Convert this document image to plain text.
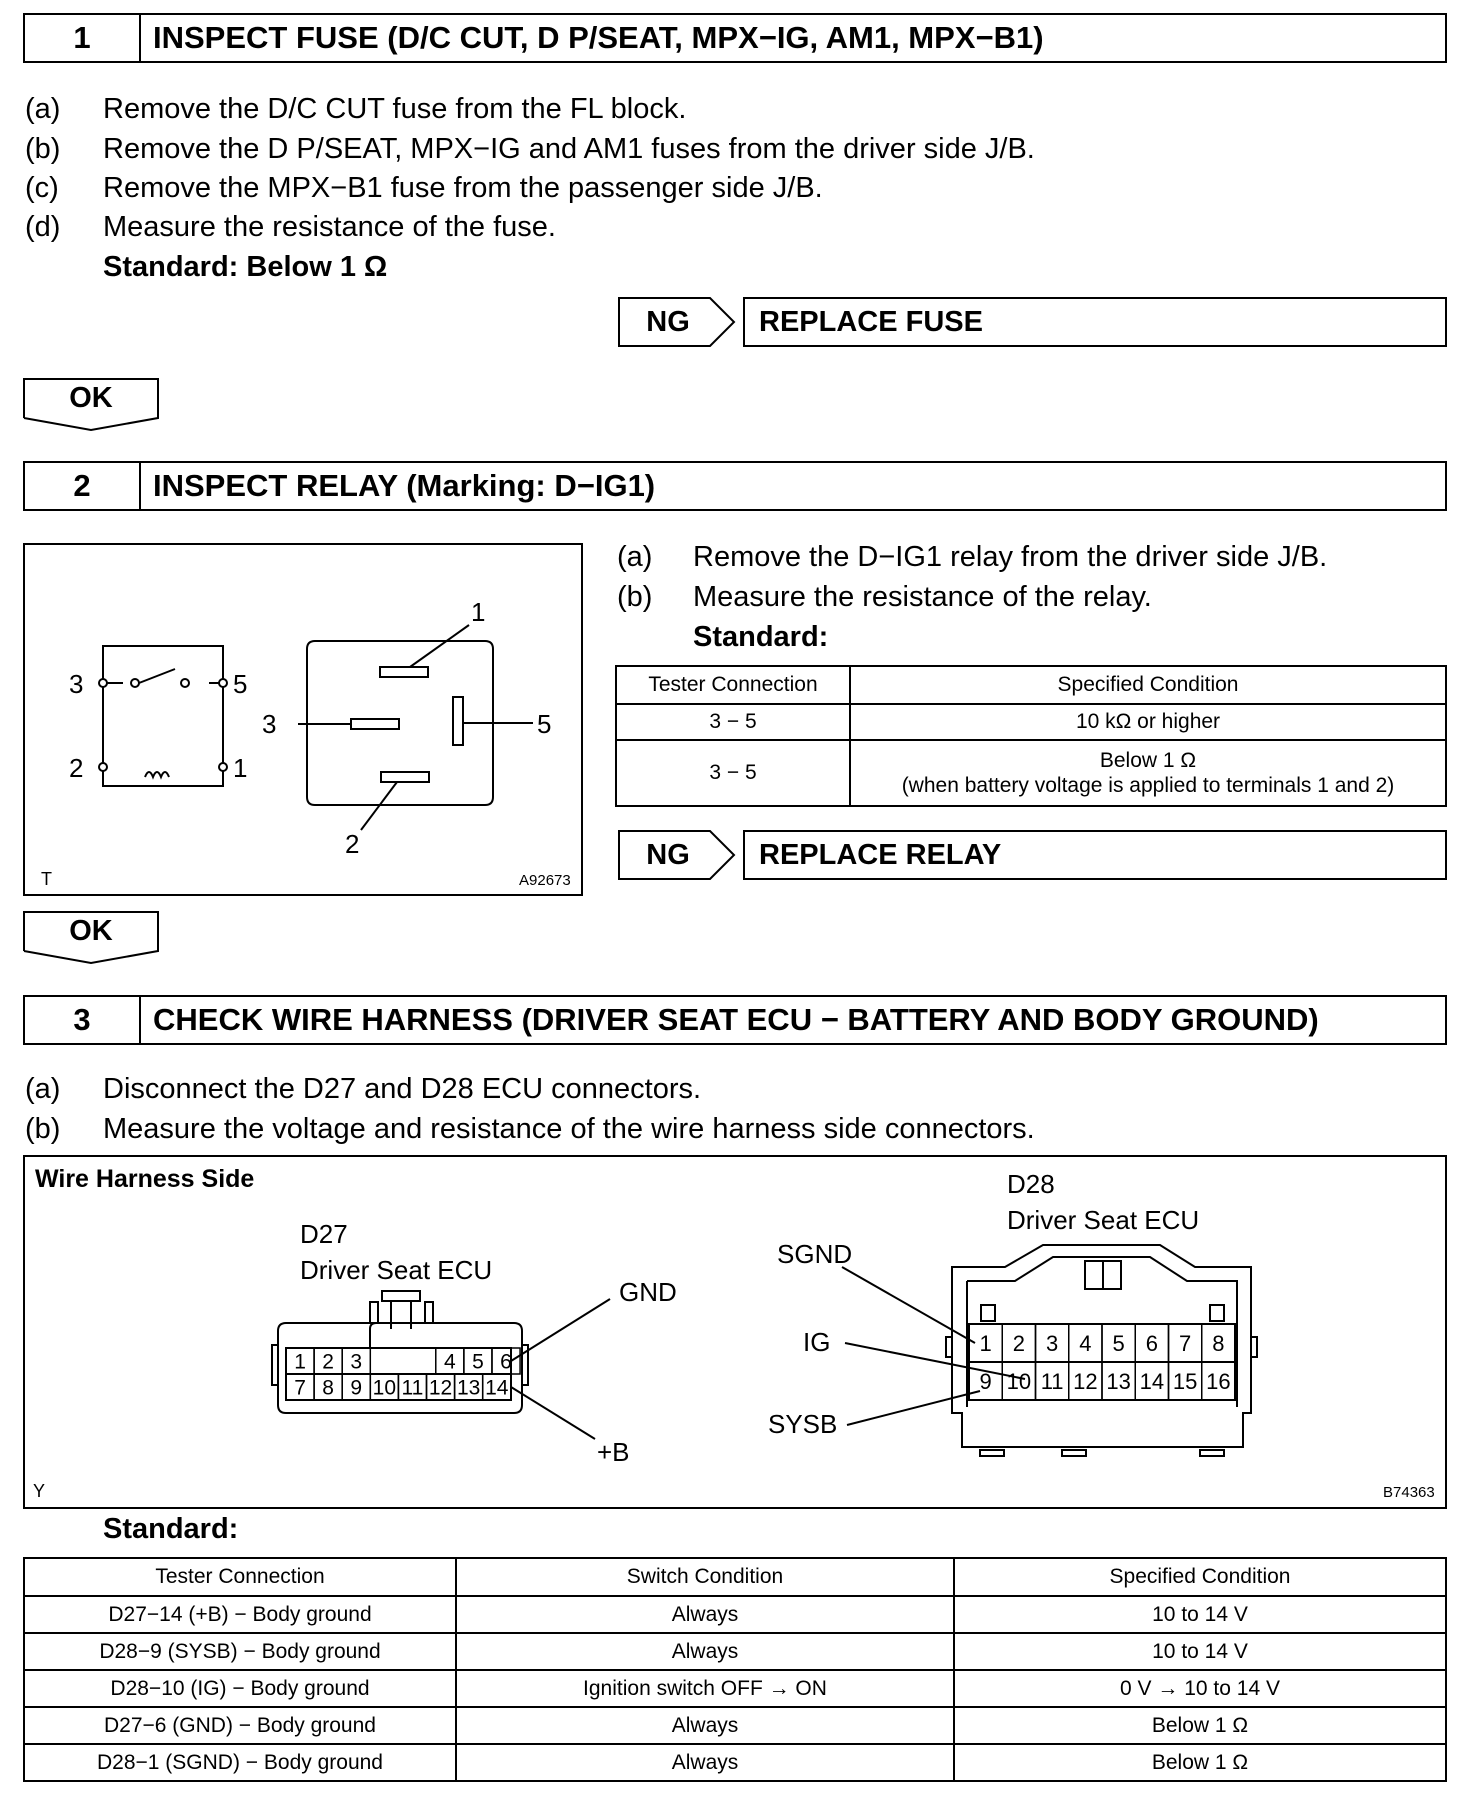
1	INSPECT FUSE (D/C CUT, D P/SEAT, MPX−IG, AM1, MPX−B1)
(a) Remove the D/C CUT fuse from the FL block.
(b) Remove the D P/SEAT, MPX−IG and AM1 fuses from the driver side J/B.
(c) Remove the MPX−B1 fuse from the passenger side J/B.
(d) Measure the resistance of the fuse.
Standard: Below 1 Ω
NG	REPLACE FUSE
OK
2	INSPECT RELAY (Marking: D−IG1)
3	5
2	1
1
3	5
2
T	A92673
(a) Remove the D−IG1 relay from the driver side J/B.
(b) Measure the resistance of the relay.
Standard:
Tester Connection	Specified Condition
3 − 5	10 kΩ or higher
3 − 5	Below 1 Ω
(when battery voltage is applied to terminals 1 and 2)
NG	REPLACE RELAY
OK
3	CHECK WIRE HARNESS (DRIVER SEAT ECU − BATTERY AND BODY GROUND)
(a) Disconnect the D27 and D28 ECU connectors.
(b) Measure the voltage and resistance of the wire harness side connectors.
Wire Harness Side
D27
Driver Seat ECU
1 2 3	4 5 6
7 8 9 10 11 12 13 14
GND
+B
D28
Driver Seat ECU
SGND
IG
SYSB
1 2 3 4 5 6 7 8
9 10 11 12 13 14 15 16
Y	B74363
Standard:
Tester Connection	Switch Condition	Specified Condition
D27−14 (+B) − Body ground	Always	10 to 14 V
D28−9 (SYSB) − Body ground	Always	10 to 14 V
D28−10 (IG) − Body ground	Ignition switch OFF → ON	0 V → 10 to 14 V
D27−6 (GND) − Body ground	Always	Below 1 Ω
D28−1 (SGND) − Body ground	Always	Below 1 Ω
